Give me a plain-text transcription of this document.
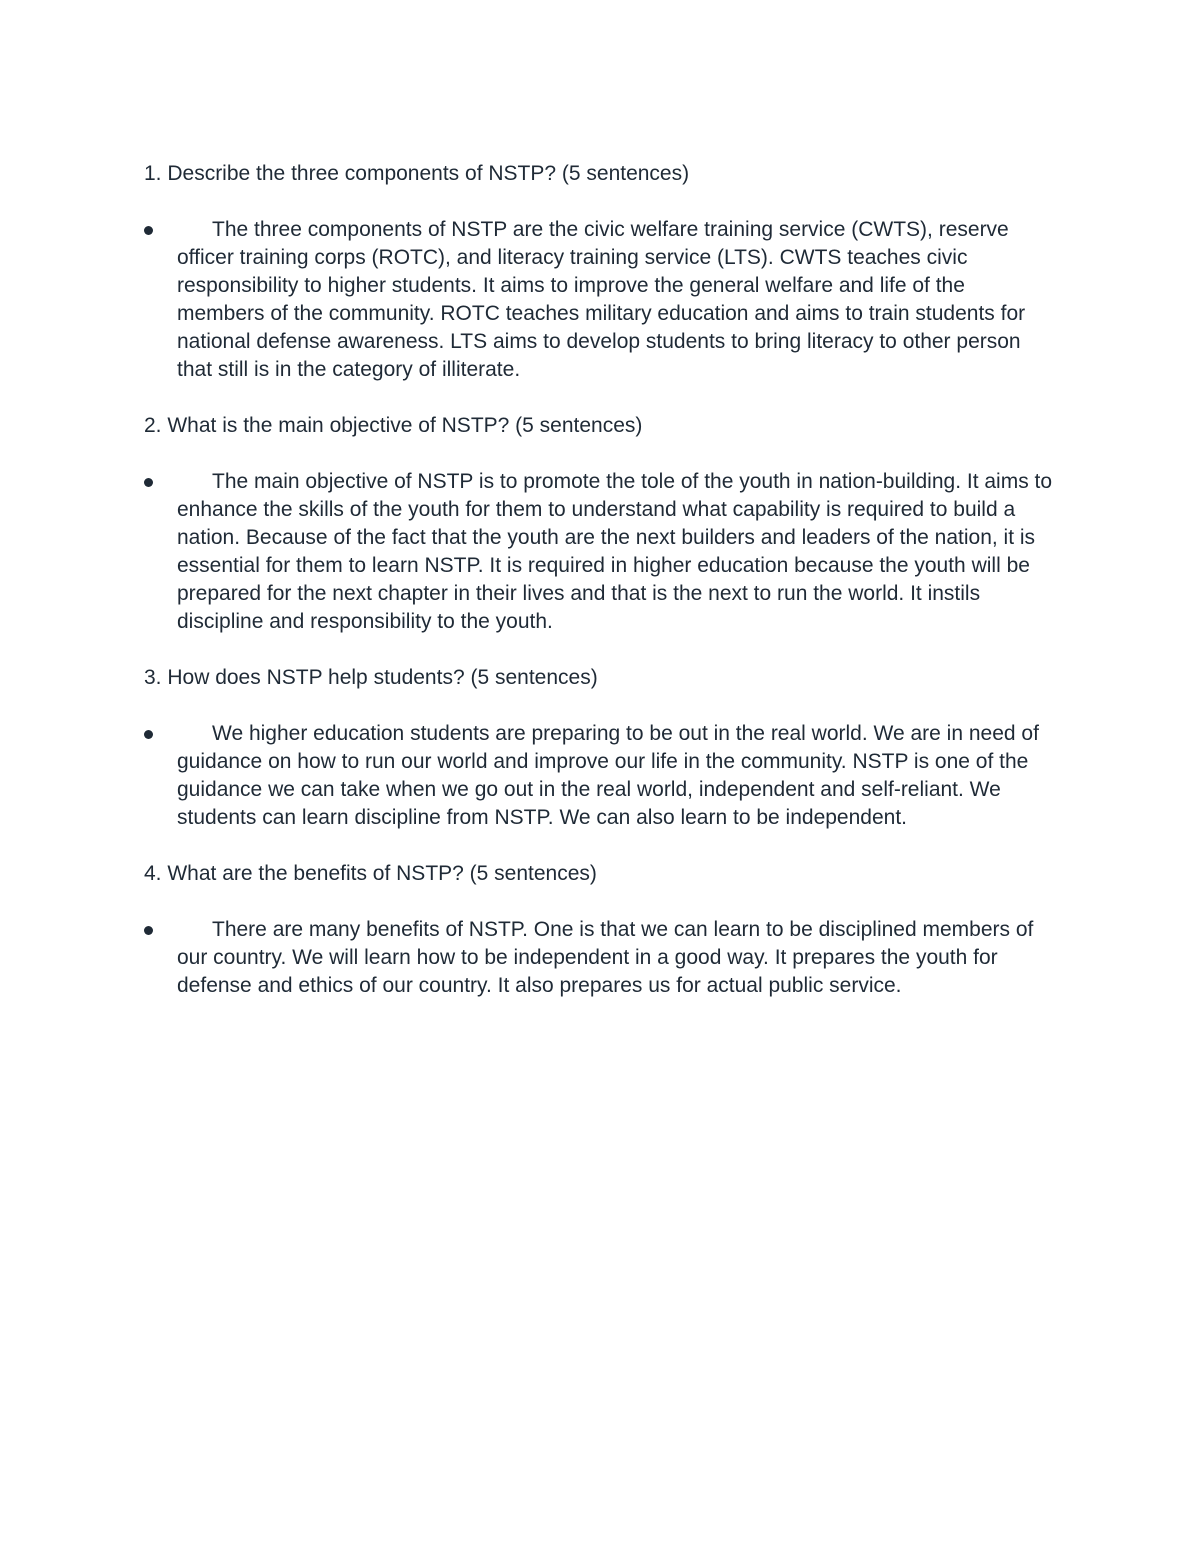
1. Describe the three components of NSTP? (5 sentences)

The three components of NSTP are the civic welfare training service (CWTS), reserve officer training corps (ROTC), and literacy training service (LTS). CWTS teaches civic responsibility to higher students. It aims to improve the general welfare and life of the members of the community. ROTC teaches military education and aims to train students for national defense awareness. LTS aims to develop students to bring literacy to other person that still is in the category of illiterate.

2. What is the main objective of NSTP? (5 sentences)

The main objective of NSTP is to promote the tole of the youth in nation-building. It aims to enhance the skills of the youth for them to understand what capability is required to build a nation. Because of the fact that the youth are the next builders and leaders of the nation, it is essential for them to learn NSTP. It is required in higher education because the youth will be prepared for the next chapter in their lives and that is the next to run the world. It instils discipline and responsibility to the youth.

3. How does NSTP help students? (5 sentences)

We higher education students are preparing to be out in the real world. We are in need of guidance on how to run our world and improve our life in the community. NSTP is one of the guidance we can take when we go out in the real world, independent and self-reliant. We students can learn discipline from NSTP. We can also learn to be independent.

4. What are the benefits of NSTP? (5 sentences)

There are many benefits of NSTP. One is that we can learn to be disciplined members of our country. We will learn how to be independent in a good way. It prepares the youth for defense and ethics of our country. It also prepares us for actual public service.
